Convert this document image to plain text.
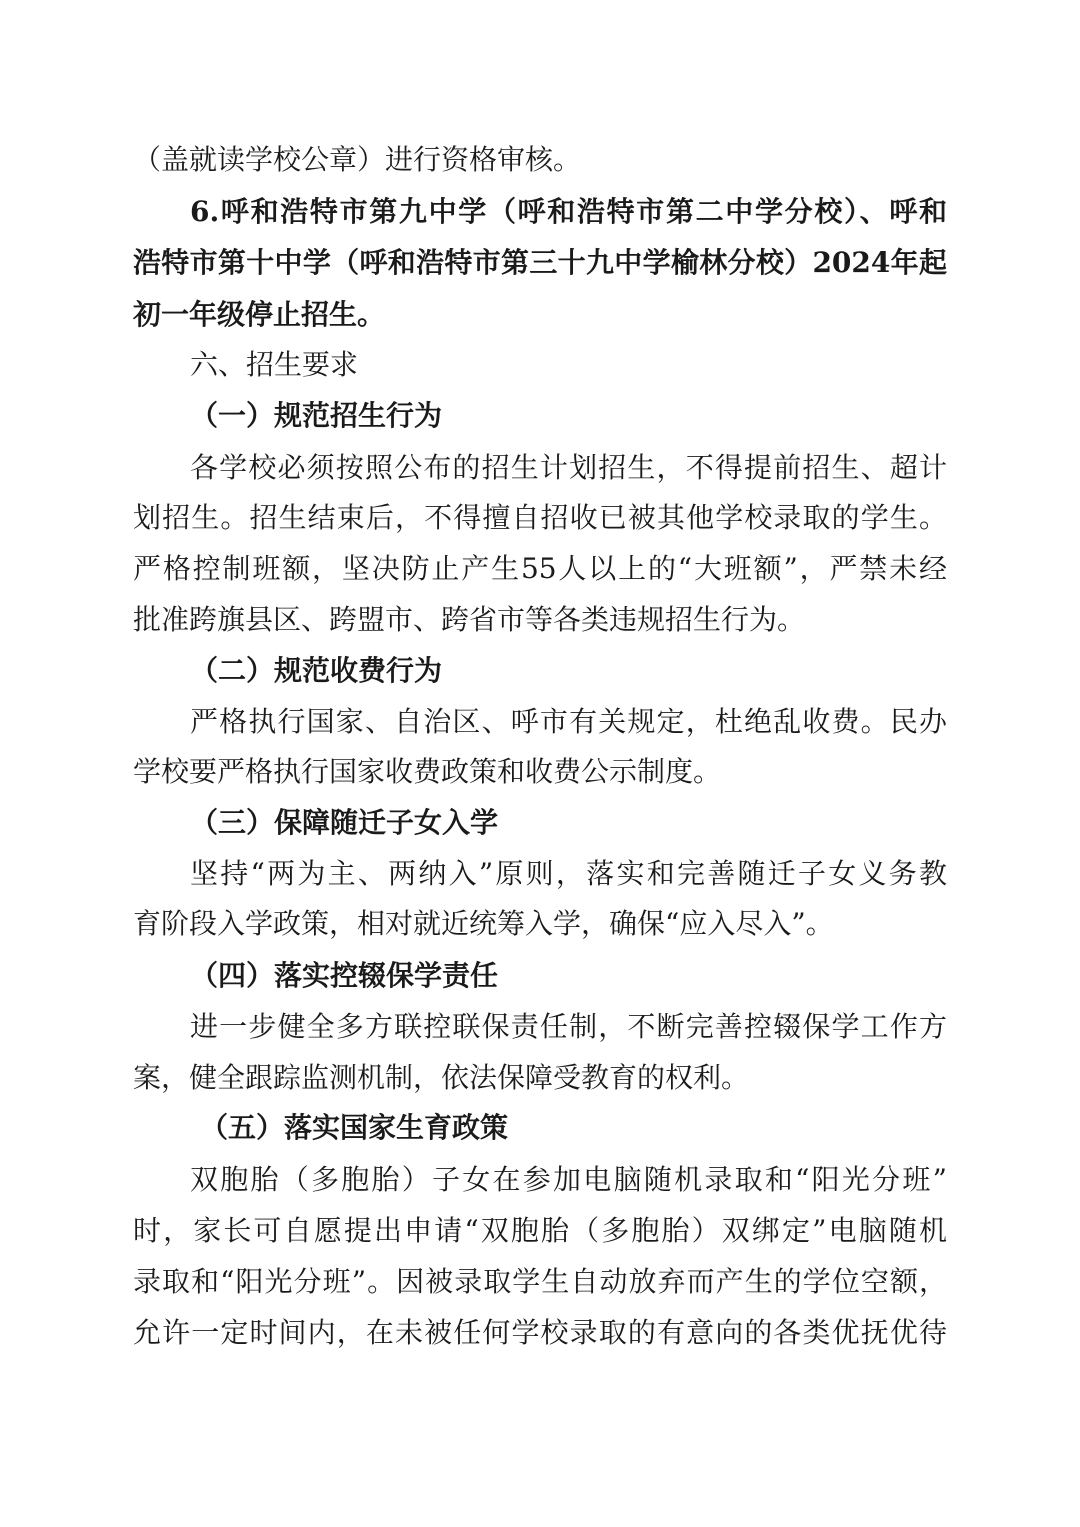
（盖就读学校公章）进行资格审核。
6.呼和浩特市第九中学（呼和浩特市第二中学分校）、呼和
浩特市第十中学（呼和浩特市第三十九中学榆林分校）2024年起
初一年级停止招生。
六、招生要求
（一）规范招生行为
各学校必须按照公布的招生计划招生，不得提前招生、超计
划招生。招生结束后，不得擅自招收已被其他学校录取的学生。
严格控制班额，坚决防止产生55人以上的“大班额”，严禁未经
批准跨旗县区、跨盟市、跨省市等各类违规招生行为。
（二）规范收费行为
严格执行国家、自治区、呼市有关规定，杜绝乱收费。民办
学校要严格执行国家收费政策和收费公示制度。
（三）保障随迁子女入学
坚持“两为主、两纳入”原则，落实和完善随迁子女义务教
育阶段入学政策，相对就近统筹入学，确保“应入尽入”。
（四）落实控辍保学责任
进一步健全多方联控联保责任制，不断完善控辍保学工作方
案，健全跟踪监测机制，依法保障受教育的权利。
（五）落实国家生育政策
双胞胎（多胞胎）子女在参加电脑随机录取和“阳光分班”
时，家长可自愿提出申请“双胞胎（多胞胎）双绑定”电脑随机
录取和“阳光分班”。因被录取学生自动放弃而产生的学位空额，
允许一定时间内，在未被任何学校录取的有意向的各类优抚优待
